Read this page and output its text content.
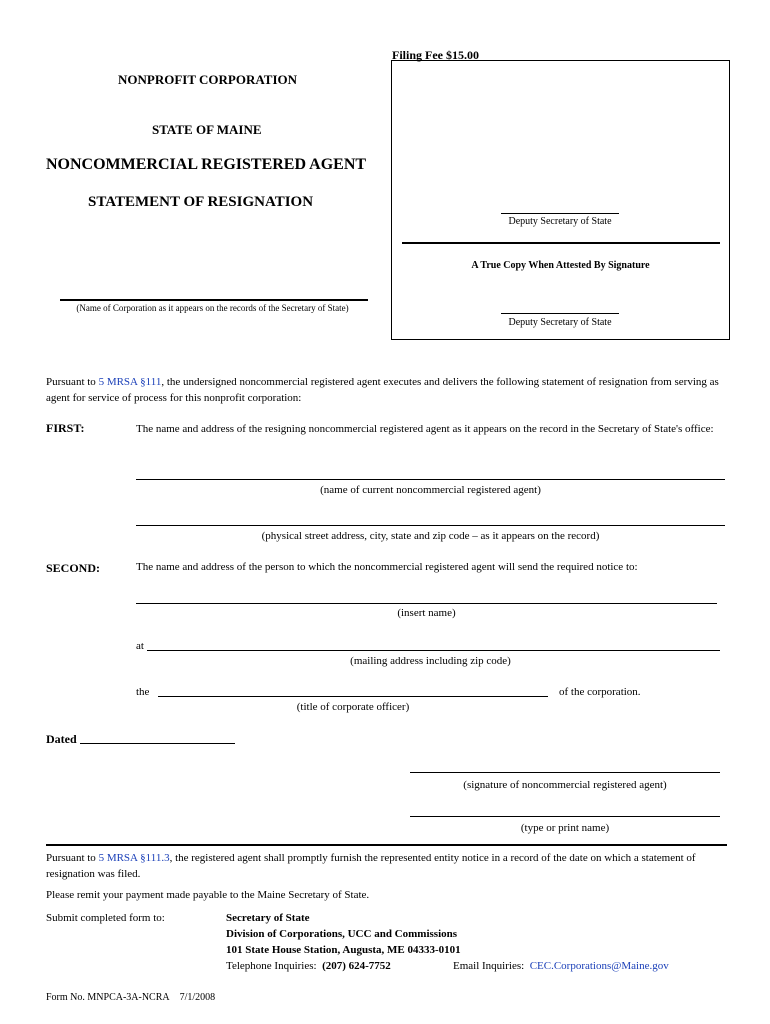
Filing Fee $15.00
NONPROFIT CORPORATION
STATE OF MAINE
NONCOMMERCIAL REGISTERED AGENT
STATEMENT OF RESIGNATION
Deputy Secretary of State
A True Copy When Attested By Signature
Deputy Secretary of State
(Name of Corporation as it appears on the records of the Secretary of State)
Pursuant to 5 MRSA §111, the undersigned noncommercial registered agent executes and delivers the following statement of resignation from serving as agent for service of process for this nonprofit corporation:
FIRST:	The name and address of the resigning noncommercial registered agent as it appears on the record in the Secretary of State's office:
(name of current noncommercial registered agent)
(physical street address, city, state and zip code – as it appears on the record)
SECOND:	The name and address of the person to which the noncommercial registered agent will send the required notice to:
(insert name)
at
(mailing address including zip code)
the	of the corporation.
(title of corporate officer)
Dated
(signature of noncommercial registered agent)
(type or print name)
Pursuant to 5 MRSA §111.3, the registered agent shall promptly furnish the represented entity notice in a record of the date on which a statement of resignation was filed.
Please remit your payment made payable to the Maine Secretary of State.
Submit completed form to:	Secretary of State
Division of Corporations, UCC and Commissions
101 State House Station, Augusta, ME 04333-0101
Telephone Inquiries: (207) 624-7752	Email Inquiries: CEC.Corporations@Maine.gov
Form No. MNPCA-3A-NCRA 7/1/2008
